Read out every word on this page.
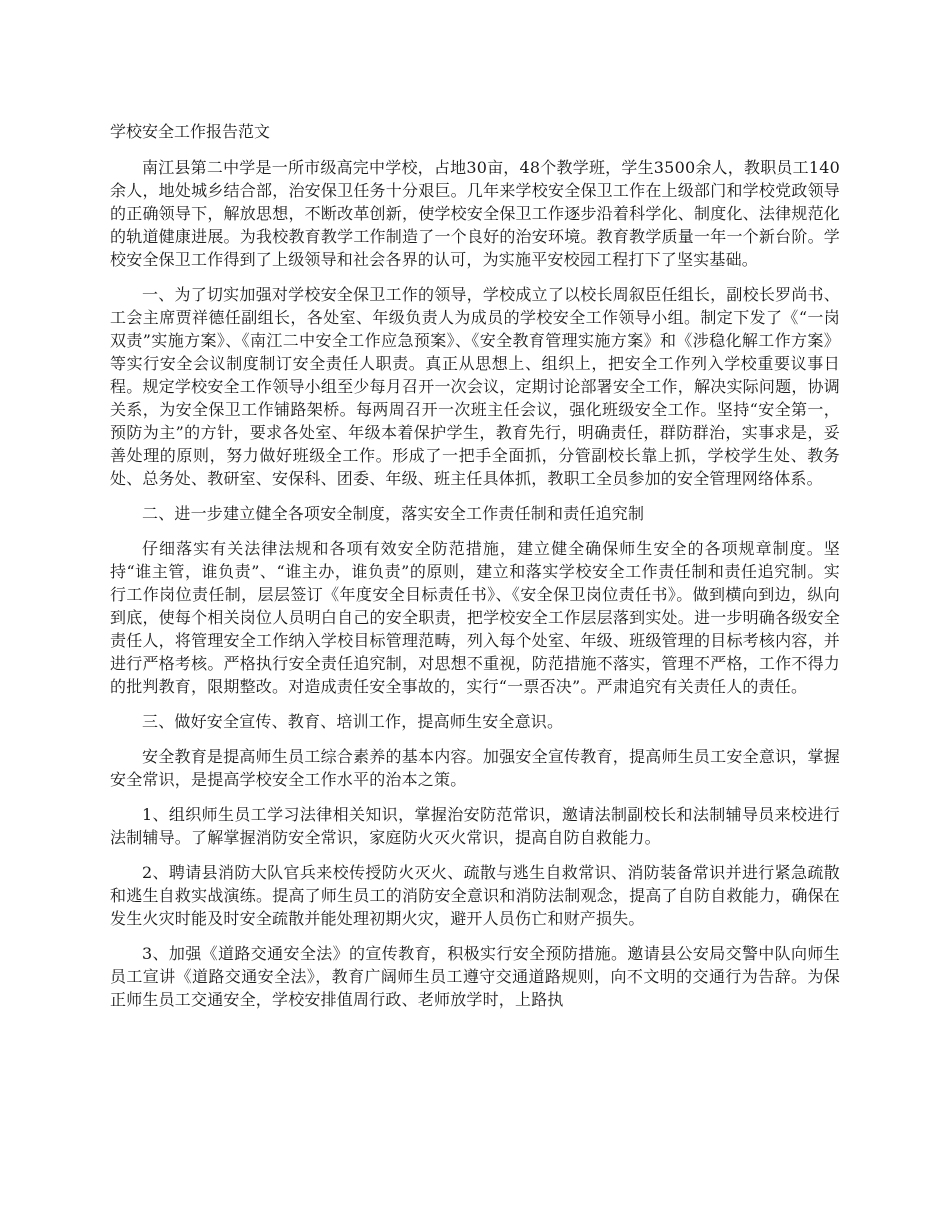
学校安全工作报告范文

南江县第二中学是一所市级高完中学校，占地30亩，48个教学班，学生3500余人，教职员工140余人，地处城乡结合部，治安保卫任务十分艰巨。几年来学校安全保卫工作在上级部门和学校党政领导的正确领导下，解放思想，不断改革创新，使学校安全保卫工作逐步沿着科学化、制度化、法律规范化的轨道健康进展。为我校教育教学工作制造了一个良好的治安环境。教育教学质量一年一个新台阶。学校安全保卫工作得到了上级领导和社会各界的认可，为实施平安校园工程打下了坚实基础。

一、为了切实加强对学校安全保卫工作的领导，学校成立了以校长周叙臣任组长，副校长罗尚书、工会主席贾祥德任副组长，各处室、年级负责人为成员的学校安全工作领导小组。制定下发了《“一岗双责”实施方案》、《南江二中安全工作应急预案》、《安全教育管理实施方案》和《涉稳化解工作方案》等实行安全会议制度制订安全责任人职责。真正从思想上、组织上，把安全工作列入学校重要议事日程。规定学校安全工作领导小组至少每月召开一次会议，定期讨论部署安全工作，解决实际问题，协调关系，为安全保卫工作铺路架桥。每两周召开一次班主任会议，强化班级安全工作。坚持“安全第一，预防为主”的方针，要求各处室、年级本着保护学生，教育先行，明确责任，群防群治，实事求是，妥善处理的原则，努力做好班级全工作。形成了一把手全面抓，分管副校长靠上抓，学校学生处、教务处、总务处、教研室、安保科、团委、年级、班主任具体抓，教职工全员参加的安全管理网络体系。

二、进一步建立健全各项安全制度，落实安全工作责任制和责任追究制

仔细落实有关法律法规和各项有效安全防范措施，建立健全确保师生安全的各项规章制度。坚持“谁主管，谁负责”、“谁主办，谁负责”的原则，建立和落实学校安全工作责任制和责任追究制。实行工作岗位责任制，层层签订《年度安全目标责任书》、《安全保卫岗位责任书》。做到横向到边，纵向到底，使每个相关岗位人员明白自己的安全职责，把学校安全工作层层落到实处。进一步明确各级安全责任人，将管理安全工作纳入学校目标管理范畴，列入每个处室、年级、班级管理的目标考核内容，并进行严格考核。严格执行安全责任追究制，对思想不重视，防范措施不落实，管理不严格，工作不得力的批判教育，限期整改。对造成责任安全事故的，实行“一票否决”。严肃追究有关责任人的责任。

三、做好安全宣传、教育、培训工作，提高师生安全意识。

安全教育是提高师生员工综合素养的基本内容。加强安全宣传教育，提高师生员工安全意识，掌握安全常识，是提高学校安全工作水平的治本之策。

1、组织师生员工学习法律相关知识，掌握治安防范常识，邀请法制副校长和法制辅导员来校进行法制辅导。了解掌握消防安全常识，家庭防火灭火常识，提高自防自救能力。

2、聘请县消防大队官兵来校传授防火灭火、疏散与逃生自救常识、消防装备常识并进行紧急疏散和逃生自救实战演练。提高了师生员工的消防安全意识和消防法制观念，提高了自防自救能力，确保在发生火灾时能及时安全疏散并能处理初期火灾，避开人员伤亡和财产损失。

3、加强《道路交通安全法》的宣传教育，积极实行安全预防措施。邀请县公安局交警中队向师生员工宣讲《道路交通安全法》，教育广阔师生员工遵守交通道路规则，向不文明的交通行为告辞。为保正师生员工交通安全，学校安排值周行政、老师放学时，上路执
